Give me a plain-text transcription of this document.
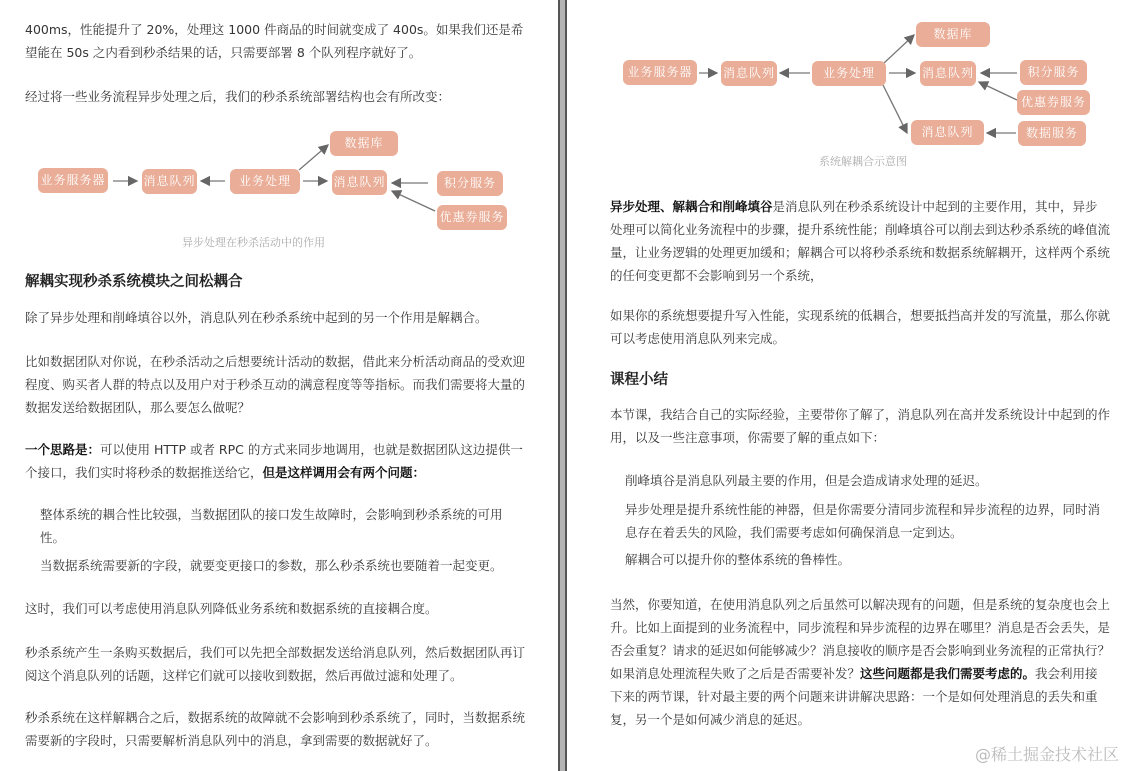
400ms，性能提升了 20%，处理这 1000 件商品的时间就变成了 400s。如果我们还是希望能在 50s 之内看到秒杀结果的话，只需要部署 8 个队列程序就好了。

经过将一些业务流程异步处理之后，我们的秒杀系统部署结构也会有所改变：

业务服务器	消息队列	业务处理	消息队列
数据库
积分服务
优惠券服务
异步处理在秒杀活动中的作用
解耦实现秒杀系统模块之间松耦合

除了异步处理和削峰填谷以外，消息队列在秒杀系统中起到的另一个作用是解耦合。

比如数据团队对你说，在秒杀活动之后想要统计活动的数据，借此来分析活动商品的受欢迎程度、购买者人群的特点以及用户对于秒杀互动的满意程度等等指标。而我们需要将大量的数据发送给数据团队，那么要怎么做呢？

一个思路是：可以使用 HTTP 或者 RPC 的方式来同步地调用，也就是数据团队这边提供一个接口，我们实时将秒杀的数据推送给它，但是这样调用会有两个问题：

整体系统的耦合性比较强，当数据团队的接口发生故障时，会影响到秒杀系统的可用性。

当数据系统需要新的字段，就要变更接口的参数，那么秒杀系统也要随着一起变更。

这时，我们可以考虑使用消息队列降低业务系统和数据系统的直接耦合度。

秒杀系统产生一条购买数据后，我们可以先把全部数据发送给消息队列，然后数据团队再订阅这个消息队列的话题，这样它们就可以接收到数据，然后再做过滤和处理了。

秒杀系统在这样解耦合之后，数据系统的故障就不会影响到秒杀系统了，同时，当数据系统需要新的字段时，只需要解析消息队列中的消息，拿到需要的数据就好了。

业务服务器	消息队列	业务处理	消息队列
数据库
积分服务
优惠券服务
消息队列	数据服务
系统解耦合示意图

异步处理、解耦合和削峰填谷是消息队列在秒杀系统设计中起到的主要作用，其中，异步处理可以简化业务流程中的步骤，提升系统性能；削峰填谷可以削去到达秒杀系统的峰值流量，让业务逻辑的处理更加缓和；解耦合可以将秒杀系统和数据系统解耦开，这样两个系统的任何变更都不会影响到另一个系统，

如果你的系统想要提升写入性能，实现系统的低耦合，想要抵挡高并发的写流量，那么你就可以考虑使用消息队列来完成。

课程小结

本节课，我结合自己的实际经验，主要带你了解了，消息队列在高并发系统设计中起到的作用，以及一些注意事项，你需要了解的重点如下：

削峰填谷是消息队列最主要的作用，但是会造成请求处理的延迟。

异步处理是提升系统性能的神器，但是你需要分清同步流程和异步流程的边界，同时消息存在着丢失的风险，我们需要考虑如何确保消息一定到达。

解耦合可以提升你的整体系统的鲁棒性。

当然，你要知道，在使用消息队列之后虽然可以解决现有的问题，但是系统的复杂度也会上升。比如上面提到的业务流程中，同步流程和异步流程的边界在哪里？消息是否会丢失，是否会重复？请求的延迟如何能够减少？消息接收的顺序是否会影响到业务流程的正常执行？如果消息处理流程失败了之后是否需要补发？这些问题都是我们需要考虑的。我会利用接下来的两节课，针对最主要的两个问题来讲讲解决思路：一个是如何处理消息的丢失和重复，另一个是如何减少消息的延迟。

@稀土掘金技术社区
